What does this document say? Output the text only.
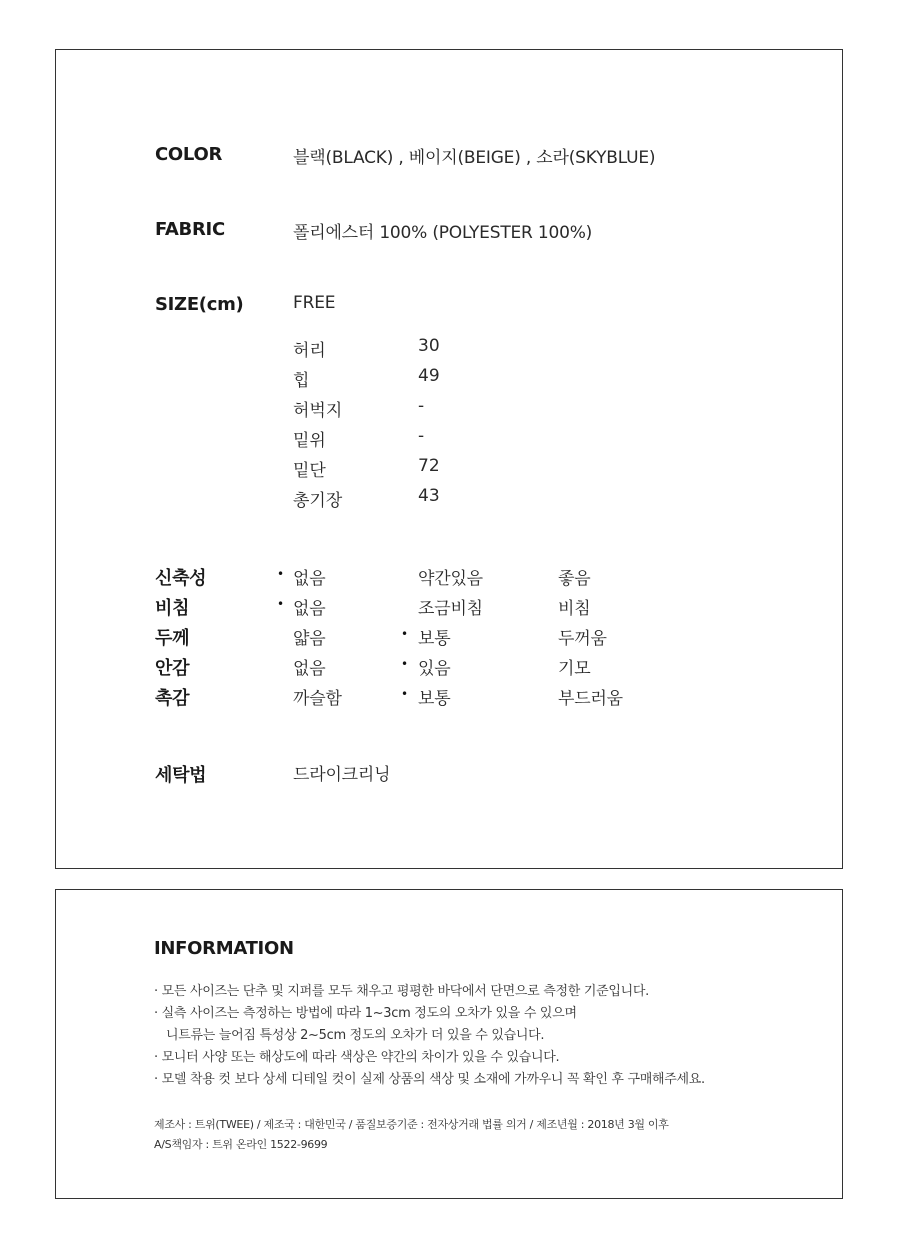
COLOR	블랙(BLACK) , 베이지(BEIGE) , 소라(SKYBLUE)
FABRIC	폴리에스터 100% (POLYESTER 100%)
SIZE(cm)	FREE
허리	30
힙	49
허벅지	-
밑위	-
밑단	72
총기장	43
신축성	• 없음	약간있음	좋음
비침	• 없음	조금비침	비침
두께	얇음	• 보통	두꺼움
안감	없음	• 있음	기모
촉감	까슬함	• 보통	부드러움
세탁법	드라이크리닝
INFORMATION
· 모든 사이즈는 단추 및 지퍼를 모두 채우고 평평한 바닥에서 단면으로 측정한 기준입니다.
· 실측 사이즈는 측정하는 방법에 따라 1~3cm 정도의 오차가 있을 수 있으며
니트류는 늘어짐 특성상 2~5cm 정도의 오차가 더 있을 수 있습니다.
· 모니터 사양 또는 해상도에 따라 색상은 약간의 차이가 있을 수 있습니다.
· 모델 착용 컷 보다 상세 디테일 컷이 실제 상품의 색상 및 소재에 가까우니 꼭 확인 후 구매해주세요.
제조사 : 트위(TWEE) / 제조국 : 대한민국 / 품질보증기준 : 전자상거래 법률 의거 / 제조년월 : 2018년 3월 이후
A/S책임자 : 트위 온라인 1522-9699
